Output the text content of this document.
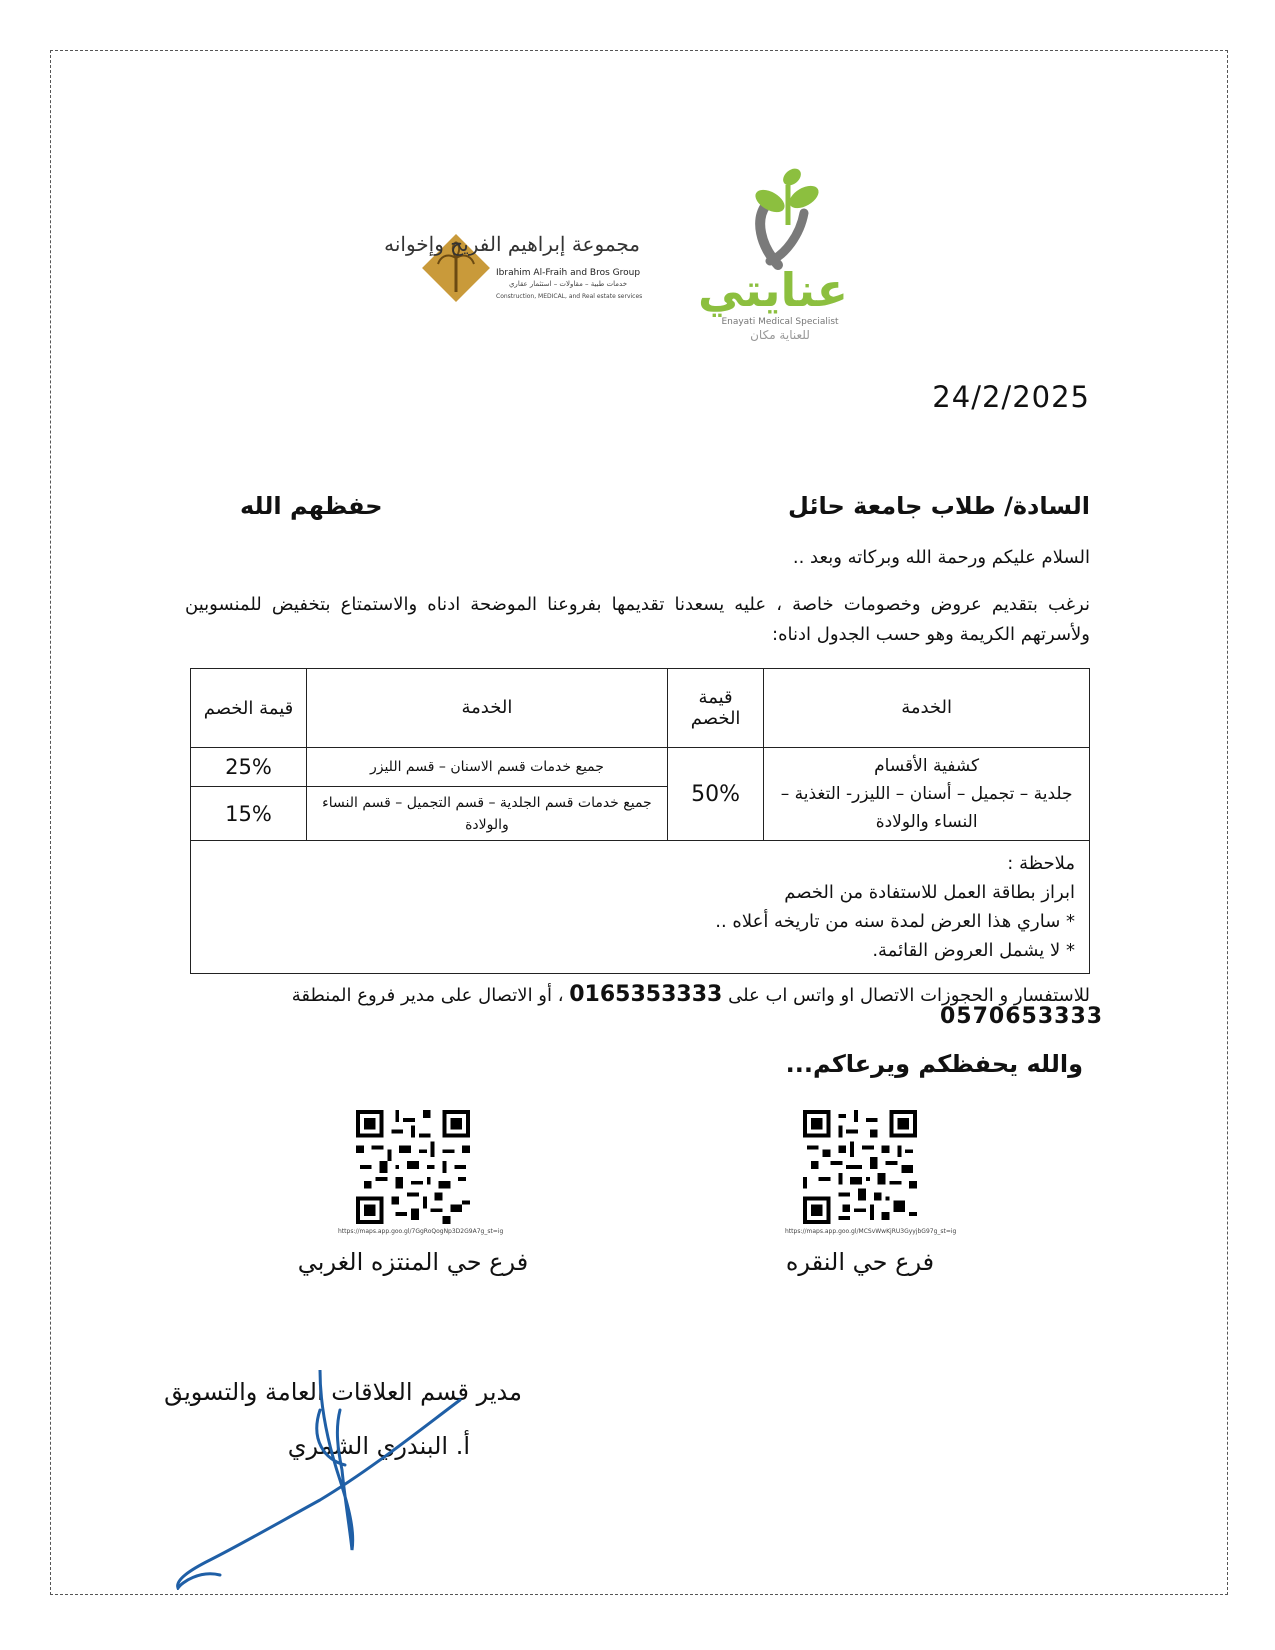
عنايتي
Enayati Medical Specialist
للعناية مكان
مجموعة إبراهيم الفريح وإخوانه
Ibrahim Al-Fraih and Bros Group
خدمات طبية – مقاولات – استثمار عقاري
Construction, MEDICAL, and Real estate services
24/2/2025
السادة/ طلاب جامعة حائل
حفظهم الله
السلام عليكم ورحمة الله وبركاته وبعد ..
نرغب بتقديم عروض وخصومات خاصة ، عليه يسعدنا تقديمها بفروعنا الموضحة ادناه والاستمتاع بتخفيض للمنسوبين ولأسرتهم الكريمة وهو حسب الجدول ادناه:
الخدمة	قيمة الخصم	الخدمة	قيمة الخصم

كشفية الأقسام
جلدية – تجميل – أسنان – الليزر- التغذية – النساء والولادة	50%	جميع خدمات قسم الاسنان – قسم الليزر	25%
		جميع خدمات قسم الجلدية – قسم التجميل – قسم النساء والولادة	15%

ملاحظة :
ابراز بطاقة العمل للاستفادة من الخصم
* ساري هذا العرض لمدة سنه من تاريخه أعلاه ..
* لا يشمل العروض القائمة.			
للاستفسار و الحجوزات الاتصال او واتس اب على 0165353333 ، أو الاتصال على مدير فروع المنطقة
0570653333
والله يحفظكم ويرعاكم...
https://maps.app.goo.gl/MCSvWwKjRU3GyyjbG97g_st=ig
فرع حي النقره
https://maps.app.goo.gl/7GgRoQogNp3D2G9A7g_st=ig
فرع حي المنتزه الغربي
مدير قسم العلاقات العامة والتسويق
أ. البندري الشمري
